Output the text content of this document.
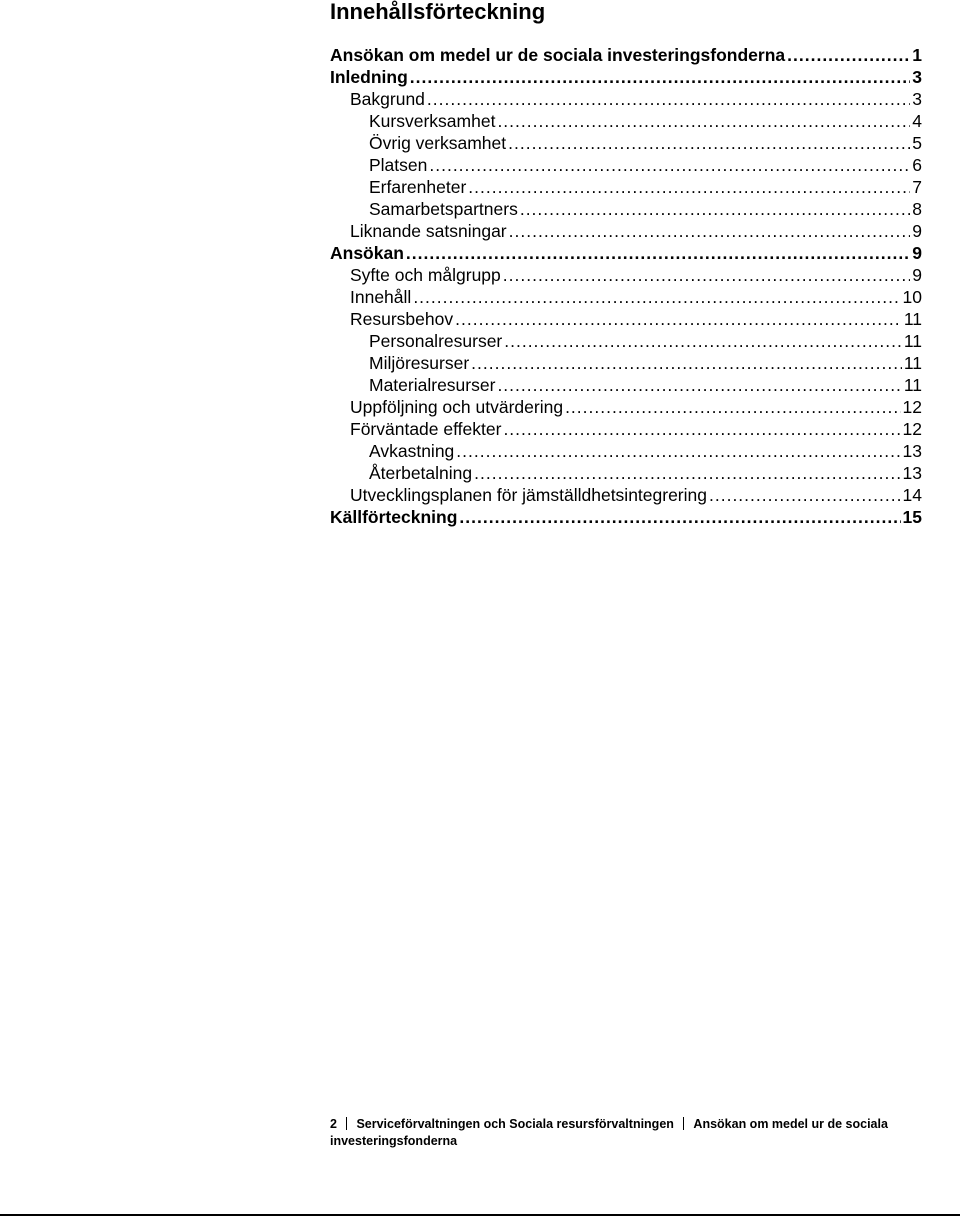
Innehållsförteckning
Ansökan om medel ur de sociala investeringsfonderna .....	1
Inledning .....	3
Bakgrund .....	3
Kursverksamhet .....	4
Övrig verksamhet .....	5
Platsen .....	6
Erfarenheter .....	7
Samarbetspartners .....	8
Liknande satsningar .....	9
Ansökan .....	9
Syfte och målgrupp .....	9
Innehåll .....	10
Resursbehov .....	11
Personalresurser .....	11
Miljöresurser .....	11
Materialresurser .....	11
Uppföljning och utvärdering .....	12
Förväntade effekter .....	12
Avkastning .....	13
Återbetalning .....	13
Utvecklingsplanen för jämställdhetsintegrering .....	14
Källförteckning .....	15
2 Serviceförvaltningen och Sociala resursförvaltningen Ansökan om medel ur de sociala investeringsfonderna
